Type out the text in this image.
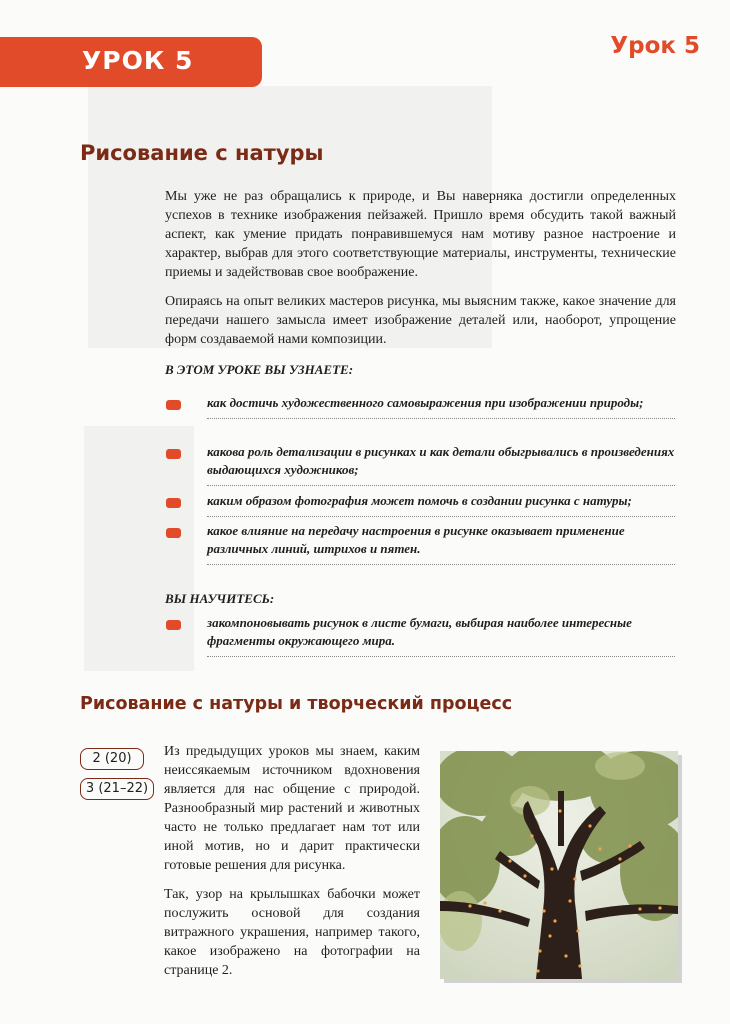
УРОК 5	Урок 5
Рисование с натуры

Мы уже не раз обращались к природе, и Вы наверняка достигли определенных успехов в технике изображения пейзажей. Пришло время обсудить такой важный аспект, как умение придать понравившемуся нам мотиву разное настроение и характер, выбрав для этого соответствующие материалы, инструменты, технические приемы и задействовав свое воображение.

Опираясь на опыт великих мастеров рисунка, мы выясним также, какое значение для передачи нашего замысла имеет изображение деталей или, наоборот, упрощение форм создаваемой нами композиции.

В ЭТОМ УРОКЕ ВЫ УЗНАЕТЕ:
как достичь художественного самовыражения при изображении природы;
какова роль детализации в рисунках и как детали обыгрывались в произведениях выдающихся художников;
каким образом фотография может помочь в создании рисунка с натуры;
какое влияние на передачу настроения в рисунке оказывает применение различных линий, штрихов и пятен.
ВЫ НАУЧИТЕСЬ:
закомпоновывать рисунок в листе бумаги, выбирая наиболее интересные фрагменты окружающего мира.
Рисование с натуры и творческий процесс
2 (20)
3 (21–22)

Из предыдущих уроков мы знаем, каким неиссякаемым источником вдохновения является для нас общение с природой. Разнообразный мир растений и животных часто не только предлагает нам тот или иной мотив, но и дарит практически готовые решения для рисунка.

Так, узор на крылышках бабочки может послужить основой для создания витражного украшения, например такого, какое изображено на фотографии на странице 2.
